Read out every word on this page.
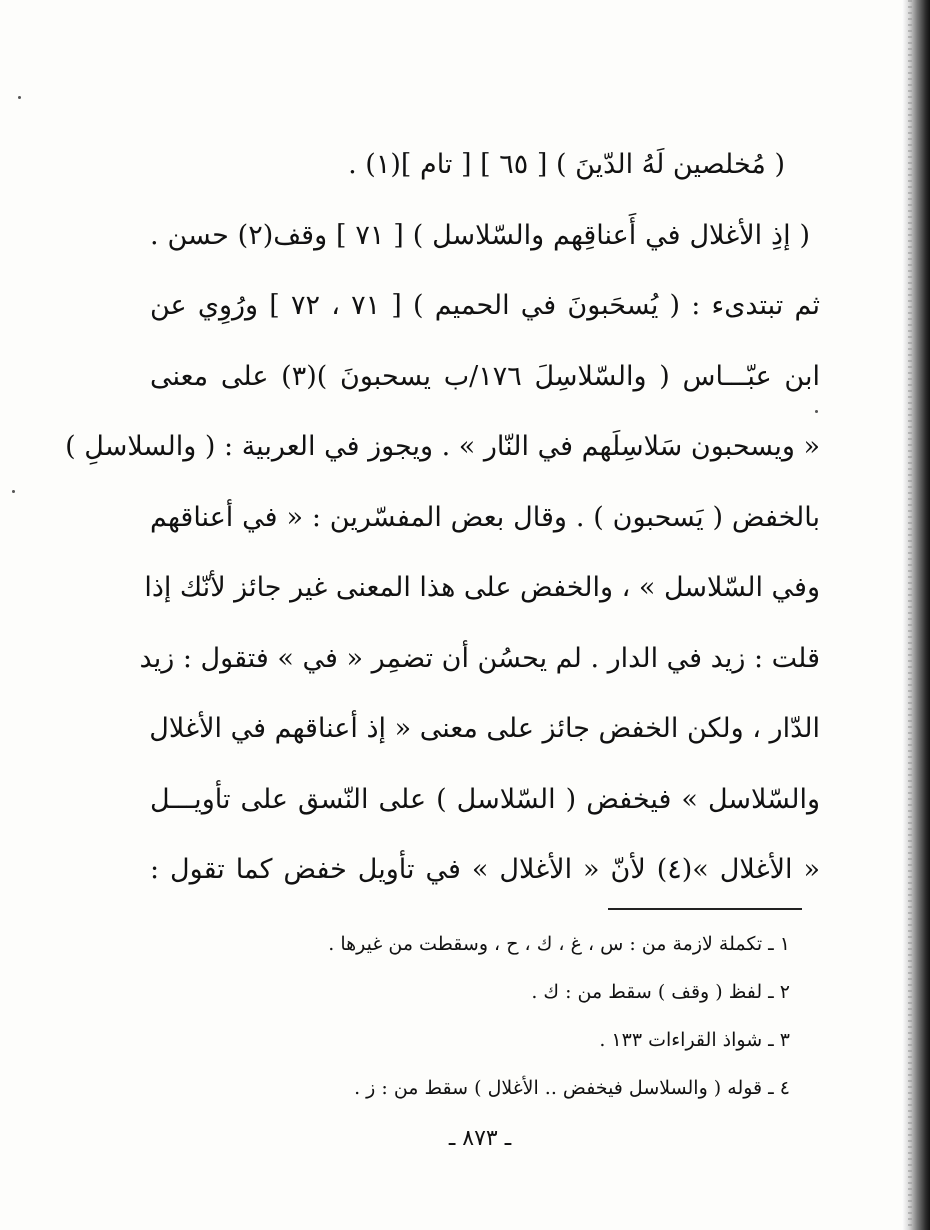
( مُخلصين لَهُ الدّينَ ) [ ٦٥ ] [ تام ](١) .
( إذِ الأغلال في أَعناقِهم والسّلاسل ) [ ٧١ ] وقف(٢) حسن .
ثم تبتدىء : ( يُسحَبونَ في الحميم ) [ ٧١ ، ٧٢ ] ورُوِي عن
ابن عبّـــاس ( والسّلاسِلَ ١٧٦/ب يسحبونَ )(٣) على معنى
« ويسحبون سَلاسِلَهم في النّار » . ويجوز في العربية : ( والسلاسلِ )
بالخفض ( يَسحبون ) . وقال بعض المفسّرين : « في أعناقهم
وفي السّلاسل » ، والخفض على هذا المعنى غير جائز لأنّك إذا
قلت : زيد في الدار . لم يحسُن أن تضمِر « في » فتقول : زيد
الدّار ، ولكن الخفض جائز على معنى « إذ أعناقهم في الأغلال
والسّلاسل » فيخفض ( السّلاسل ) على النّسق على تأويـــل
« الأغلال »(٤) لأنّ « الأغلال » في تأويل خفض كما تقول :
١ ـ تكملة لازمة من : س ، غ ، ك ، ح ، وسقطت من غيرها .
٢ ـ لفظ ( وقف ) سقط من : ك .
٣ ـ شواذ القراءات ١٣٣ .
٤ ـ قوله ( والسلاسل فيخفض .. الأغلال ) سقط من : ز .
ـ ٨٧٣ ـ
